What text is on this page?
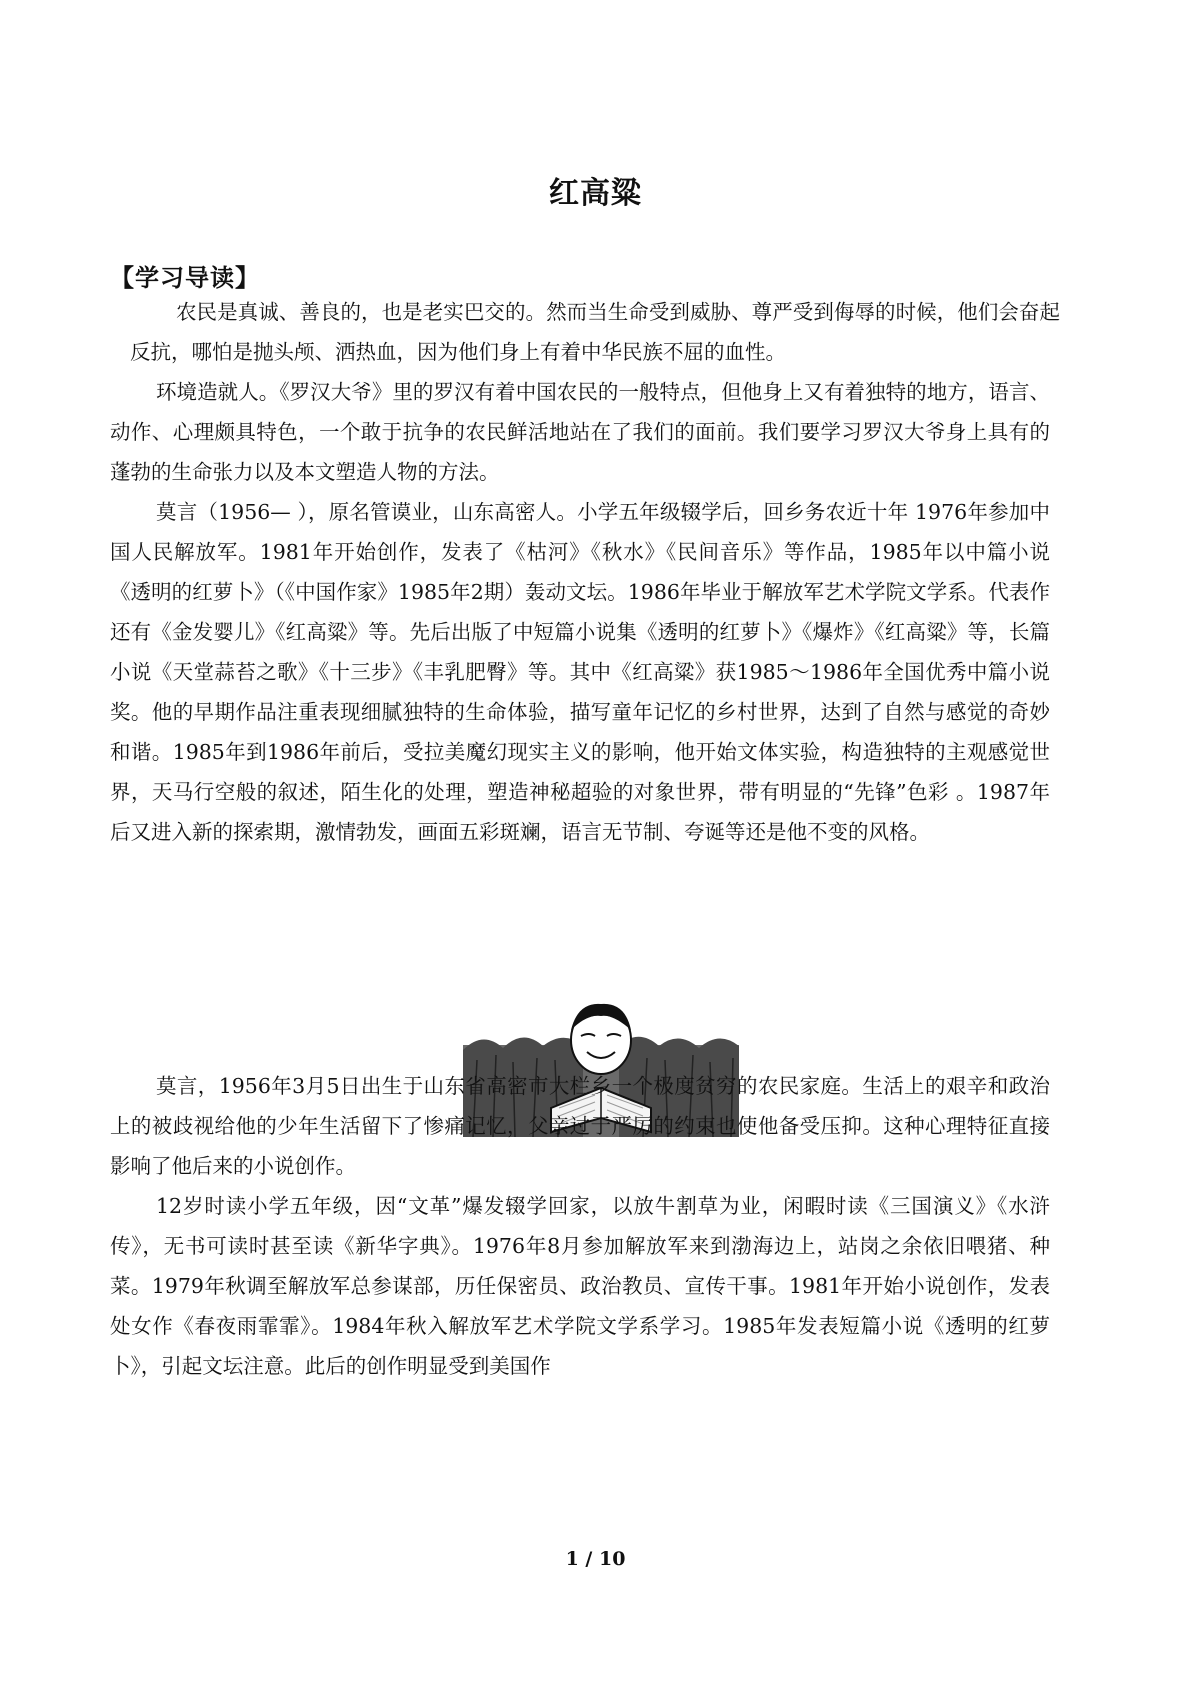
红高粱
【学习导读】

农民是真诚、善良的，也是老实巴交的。然而当生命受到威胁、尊严受到侮辱的时候，他们会奋起反抗，哪怕是抛头颅、洒热血，因为他们身上有着中华民族不屈的血性。

环境造就人。《罗汉大爷》里的罗汉有着中国农民的一般特点，但他身上又有着独特的地方，语言、动作、心理颇具特色，一个敢于抗争的农民鲜活地站在了我们的面前。我们要学习罗汉大爷身上具有的蓬勃的生命张力以及本文塑造人物的方法。

莫言（1956— ），原名管谟业，山东高密人。小学五年级辍学后，回乡务农近十年 1976年参加中国人民解放军。1981年开始创作，发表了《枯河》《秋水》《民间音乐》等作品，1985年以中篇小说《透明的红萝卜》（《中国作家》1985年2期）轰动文坛。1986年毕业于解放军艺术学院文学系。代表作还有《金发婴儿》《红高粱》等。先后出版了中短篇小说集《透明的红萝卜》《爆炸》《红高粱》等，长篇小说《天堂蒜苔之歌》《十三步》《丰乳肥臀》等。其中《红高粱》获1985～1986年全国优秀中篇小说奖。他的早期作品注重表现细腻独特的生命体验，描写童年记忆的乡村世界，达到了自然与感觉的奇妙和谐。1985年到1986年前后，受拉美魔幻现实主义的影响，他开始文体实验，构造独特的主观感觉世界，天马行空般的叙述，陌生化的处理，塑造神秘超验的对象世界，带有明显的“先锋”色彩 。1987年后又进入新的探索期，激情勃发，画面五彩斑斓，语言无节制、夸诞等还是他不变的风格。

莫言，1956年3月5日出生于山东省高密市大栏乡一个极度贫穷的农民家庭。生活上的艰辛和政治上的被歧视给他的少年生活留下了惨痛记忆，父亲过于严厉的约束也使他备受压抑。这种心理特征直接影响了他后来的小说创作。

12岁时读小学五年级，因“文革”爆发辍学回家，以放牛割草为业，闲暇时读《三国演义》《水浒传》，无书可读时甚至读《新华字典》。1976年8月参加解放军来到渤海边上，站岗之余依旧喂猪、种菜。1979年秋调至解放军总参谋部，历任保密员、政治教员、宣传干事。1981年开始小说创作，发表处女作《春夜雨霏霏》。1984年秋入解放军艺术学院文学系学习。1985年发表短篇小说《透明的红萝卜》，引起文坛注意。此后的创作明显受到美国作

1 / 10
